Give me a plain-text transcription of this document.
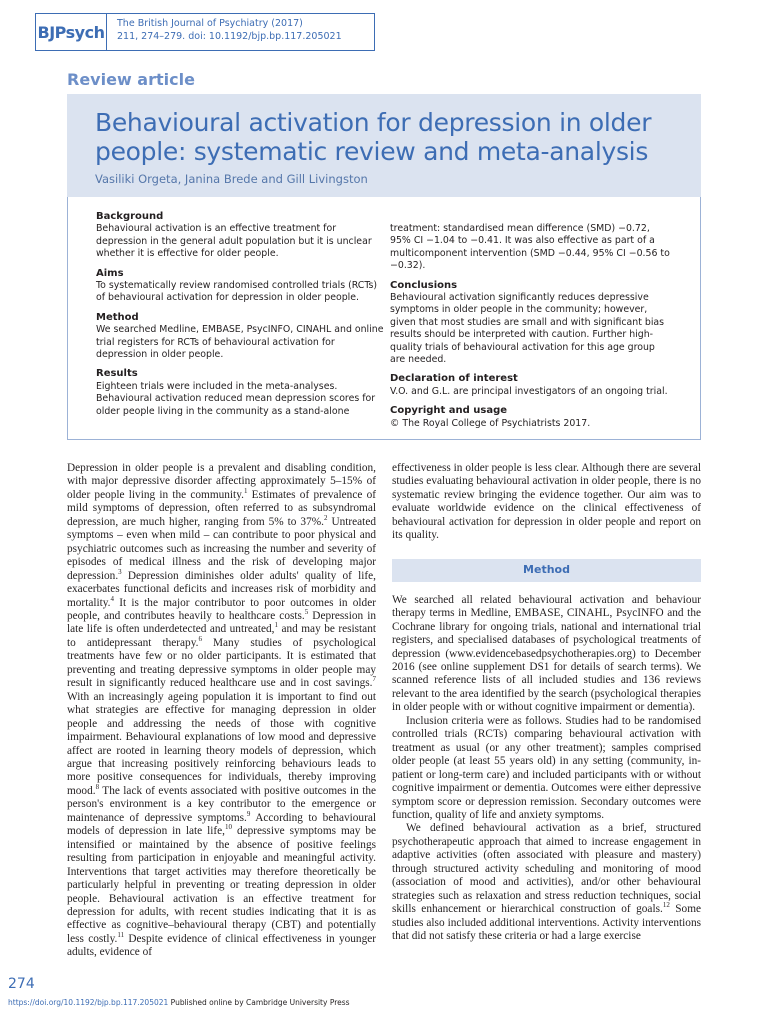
BJPsych The British Journal of Psychiatry (2017)
211, 274–279. doi: 10.1192/bjp.bp.117.205021
Review article
Behavioural activation for depression in older people: systematic review and meta-analysis
Vasiliki Orgeta, Janina Brede and Gill Livingston

Background

Behavioural activation is an effective treatment for depression in the general adult population but it is unclear whether it is effective for older people.

Aims

To systematically review randomised controlled trials (RCTs) of behavioural activation for depression in older people.

Method

We searched Medline, EMBASE, PsycINFO, CINAHL and online trial registers for RCTs of behavioural activation for depression in older people.

Results

Eighteen trials were included in the meta-analyses. Behavioural activation reduced mean depression scores for older people living in the community as a stand-alone
treatment: standardised mean difference (SMD) −0.72, 95% CI −1.04 to −0.41. It was also effective as part of a multicomponent intervention (SMD −0.44, 95% CI −0.56 to −0.32).

Conclusions

Behavioural activation significantly reduces depressive symptoms in older people in the community; however, given that most studies are small and with significant bias results should be interpreted with caution. Further high-quality trials of behavioural activation for this age group are needed.

Declaration of interest

V.O. and G.L. are principal investigators of an ongoing trial.

Copyright and usage

© The Royal College of Psychiatrists 2017.

Depression in older people is a prevalent and disabling condition, with major depressive disorder affecting approximately 5–15% of older people living in the community.$^1$ Estimates of prevalence of mild symptoms of depression, often referred to as subsyndromal depression, are much higher, ranging from 5% to 37%.$^2$ Untreated symptoms – even when mild – can contribute to poor physical and psychiatric outcomes such as increasing the number and severity of episodes of medical illness and the risk of developing major depression.$^3$ Depression diminishes older adults' quality of life, exacerbates functional deficits and increases risk of morbidity and mortality.$^4$ It is the major contributor to poor outcomes in older people, and contributes heavily to healthcare costs.$^5$ Depression in late life is often underdetected and untreated,$^1$ and may be resistant to antidepressant therapy.$^6$ Many studies of psychological treatments have few or no older participants. It is estimated that preventing and treating depressive symptoms in older people may result in significantly reduced healthcare use and in cost savings.$^7$ With an increasingly ageing population it is important to find out what strategies are effective for managing depression in older people and addressing the needs of those with cognitive impairment. Behavioural explanations of low mood and depressive affect are rooted in learning theory models of depression, which argue that increasing positively reinforcing behaviours leads to more positive consequences for individuals, thereby improving mood.$^8$ The lack of events associated with positive outcomes in the person's environment is a key contributor to the emergence or maintenance of depressive symptoms.$^9$ According to behavioural models of depression in late life,$^{10}$ depressive symptoms may be intensified or maintained by the absence of positive feelings resulting from participation in enjoyable and meaningful activity. Interventions that target activities may therefore theoretically be particularly helpful in preventing or treating depression in older people. Behavioural activation is an effective treatment for depression for adults, with recent studies indicating that it is as effective as cognitive–behavioural therapy (CBT) and potentially less costly.$^{11}$ Despite evidence of clinical effectiveness in younger adults, evidence of

effectiveness in older people is less clear. Although there are several studies evaluating behavioural activation in older people, there is no systematic review bringing the evidence together. Our aim was to evaluate worldwide evidence on the clinical effectiveness of behavioural activation for depression in older people and report on its quality.

Method

We searched all related behavioural activation and behaviour therapy terms in Medline, EMBASE, CINAHL, PsycINFO and the Cochrane library for ongoing trials, national and international trial registers, and specialised databases of psychological treatments of depression (www.evidencebasedpsychotherapies.org) to December 2016 (see online supplement DS1 for details of search terms). We scanned reference lists of all included studies and 136 reviews relevant to the area identified by the search (psychological therapies in older people with or without cognitive impairment or dementia).

Inclusion criteria were as follows. Studies had to be randomised controlled trials (RCTs) comparing behavioural activation with treatment as usual (or any other treatment); samples comprised older people (at least 55 years old) in any setting (community, in-patient or long-term care) and included participants with or without cognitive impairment or dementia. Outcomes were either depressive symptom score or depression remission. Secondary outcomes were function, quality of life and anxiety symptoms.

We defined behavioural activation as a brief, structured psychotherapeutic approach that aimed to increase engagement in adaptive activities (often associated with pleasure and mastery) through structured activity scheduling and monitoring of mood (association of mood and activities), and/or other behavioural strategies such as relaxation and stress reduction techniques, social skills enhancement or hierarchical construction of goals.$^{12}$ Some studies also included additional interventions. Activity interventions that did not satisfy these criteria or had a large exercise

274
https://doi.org/10.1192/bjp.bp.117.205021 Published online by Cambridge University Press
